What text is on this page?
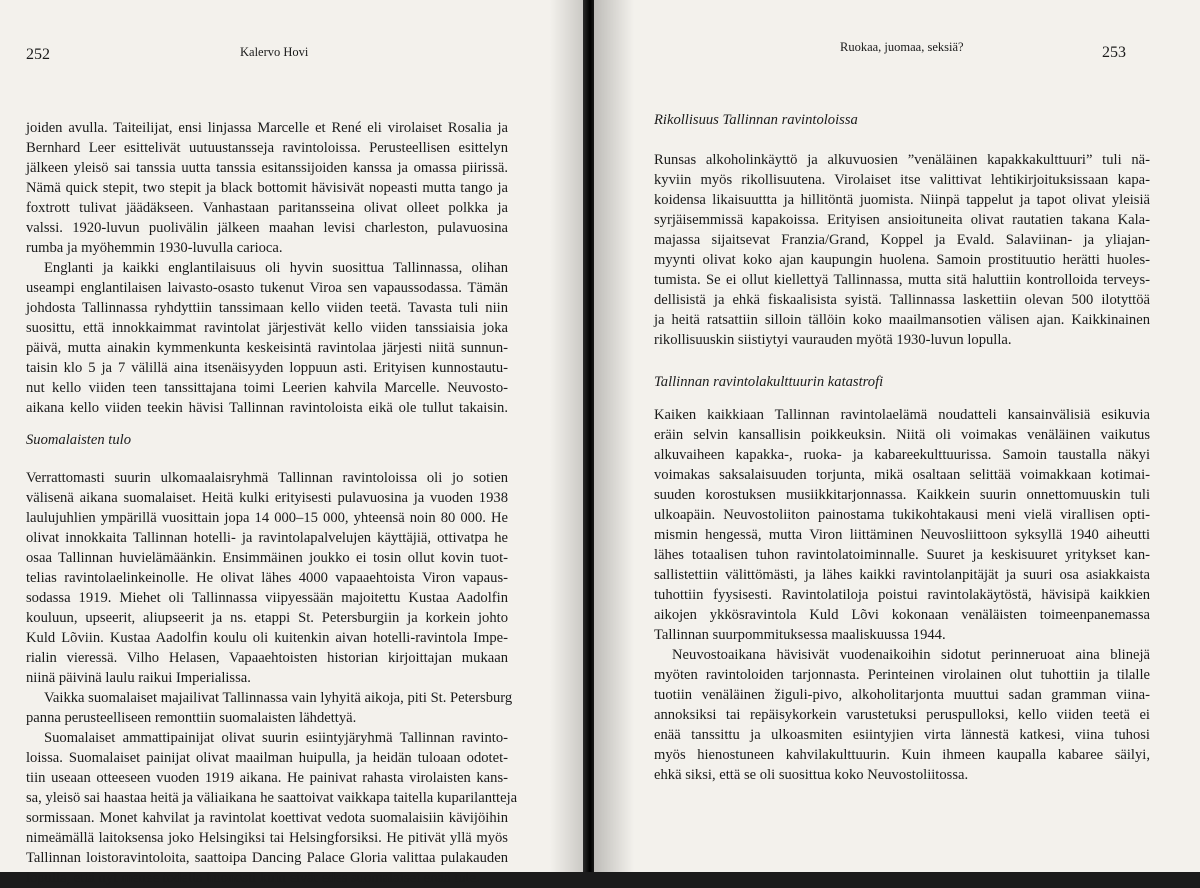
252	Kalervo Hovi
joiden avulla. Taiteilijat, ensi linjassa Marcelle et René eli virolaiset Rosalia ja
Bernhard Leer esittelivät uutuustansseja ravintoloissa. Perusteellisen esittelyn
jälkeen yleisö sai tanssia uutta tanssia esitanssijoiden kanssa ja omassa piirissä.
Nämä quick stepit, two stepit ja black bottomit hävisivät nopeasti mutta tango ja
foxtrott tulivat jäädäkseen. Vanhastaan paritansseina olivat olleet polkka ja
valssi. 1920-luvun puolivälin jälkeen maahan levisi charleston, pulavuosina
rumba ja myöhemmin 1930-luvulla carioca.
Englanti ja kaikki englantilaisuus oli hyvin suosittua Tallinnassa, olihan
useampi englantilaisen laivasto-osasto tukenut Viroa sen vapaussodassa. Tämän
johdosta Tallinnassa ryhdyttiin tanssimaan kello viiden teetä. Tavasta tuli niin
suosittu, että innokkaimmat ravintolat järjestivät kello viiden tanssiaisia joka
päivä, mutta ainakin kymmenkunta keskeisintä ravintolaa järjesti niitä sunnun-
taisin klo 5 ja 7 välillä aina itsenäisyyden loppuun asti. Erityisen kunnostautu-
nut kello viiden teen tanssittajana toimi Leerien kahvila Marcelle. Neuvosto-
aikana kello viiden teekin hävisi Tallinnan ravintoloista eikä ole tullut takaisin.
Suomalaisten tulo
Verrattomasti suurin ulkomaalaisryhmä Tallinnan ravintoloissa oli jo sotien
välisenä aikana suomalaiset. Heitä kulki erityisesti pulavuosina ja vuoden 1938
laulujuhlien ympärillä vuosittain jopa 14 000–15 000, yhteensä noin 80 000. He
olivat innokkaita Tallinnan hotelli- ja ravintolapalvelujen käyttäjiä, ottivatpa he
osaa Tallinnan huvielämäänkin. Ensimmäinen joukko ei tosin ollut kovin tuot-
telias ravintolaelinkeinolle. He olivat lähes 4000 vapaaehtoista Viron vapaus-
sodassa 1919. Miehet oli Tallinnassa viipyessään majoitettu Kustaa Aadolfin
kouluun, upseerit, aliupseerit ja ns. etappi St. Petersburgiin ja korkein johto
Kuld Lõviin. Kustaa Aadolfin koulu oli kuitenkin aivan hotelli-ravintola Impe-
rialin vieressä. Vilho Helasen, Vapaaehtoisten historian kirjoittajan mukaan
niinä päivinä laulu raikui Imperialissa.
Vaikka suomalaiset majailivat Tallinnassa vain lyhyitä aikoja, piti St. Petersburg
panna perusteelliseen remonttiin suomalaisten lähdettyä.
Suomalaiset ammattipainijat olivat suurin esiintyjäryhmä Tallinnan ravinto-
loissa. Suomalaiset painijat olivat maailman huipulla, ja heidän tuloaan odotet-
tiin useaan otteeseen vuoden 1919 aikana. He painivat rahasta virolaisten kans-
sa, yleisö sai haastaa heitä ja väliaikana he saattoivat vaikkapa taitella kuparilantteja
sormissaan. Monet kahvilat ja ravintolat koettivat vedota suomalaisiin kävijöihin
nimeämällä laitoksensa joko Helsingiksi tai Helsingforsiksi. He pitivät yllä myös
Tallinnan loistoravintoloita, saattoipa Dancing Palace Gloria valittaa pulakauden
lopulla, että nyt menee todella huonosti kuin eivät edes suomalaiset enää tule.
Ruokaa, juomaa, seksiä?	253
Rikollisuus Tallinnan ravintoloissa
Runsas alkoholinkäyttö ja alkuvuosien ”venäläinen kapakkakulttuuri” tuli nä-
kyviin myös rikollisuutena. Virolaiset itse valittivat lehtikirjoituksissaan kapa-
koidensa likaisuuttta ja hillitöntä juomista. Niinpä tappelut ja tapot olivat yleisiä
syrjäisemmissä kapakoissa. Erityisen ansioituneita olivat rautatien takana Kala-
majassa sijaitsevat Franzia/Grand, Koppel ja Evald. Salaviinan- ja yliajan-
myynti olivat koko ajan kaupungin huolena. Samoin prostituutio herätti huoles-
tumista. Se ei ollut kiellettyä Tallinnassa, mutta sitä haluttiin kontrolloida terveys-
dellisistä ja ehkä fiskaalisista syistä. Tallinnassa laskettiin olevan 500 ilotyttöä
ja heitä ratsattiin silloin tällöin koko maailmansotien välisen ajan. Kaikkinainen
rikollisuuskin siistiytyi vaurauden myötä 1930-luvun lopulla.
Tallinnan ravintolakulttuurin katastrofi
Kaiken kaikkiaan Tallinnan ravintolaelämä noudatteli kansainvälisiä esikuvia
eräin selvin kansallisin poikkeuksin. Niitä oli voimakas venäläinen vaikutus
alkuvaiheen kapakka-, ruoka- ja kabareekulttuurissa. Samoin taustalla näkyi
voimakas saksalaisuuden torjunta, mikä osaltaan selittää voimakkaan kotimai-
suuden korostuksen musiikkitarjonnassa. Kaikkein suurin onnettomuuskin tuli
ulkoapäin. Neuvostoliiton painostama tukikohtakausi meni vielä virallisen opti-
mismin hengessä, mutta Viron liittäminen Neuvosliittoon syksyllä 1940 aiheutti
lähes totaalisen tuhon ravintolatoiminnalle. Suuret ja keskisuuret yritykset kan-
sallistettiin välittömästi, ja lähes kaikki ravintolanpitäjät ja suuri osa asiakkaista
tuhottiin fyysisesti. Ravintolatiloja poistui ravintolakäytöstä, hävisipä kaikkien
aikojen ykkösravintola Kuld Lõvi kokonaan venäläisten toimeenpanemassa
Tallinnan suurpommituksessa maaliskuussa 1944.
Neuvostoaikana hävisivät vuodenaikoihin sidotut perinneruoat aina blinejä
myöten ravintoloiden tarjonnasta. Perinteinen virolainen olut tuhottiin ja tilalle
tuotiin venäläinen žiguli-pivo, alkoholitarjonta muuttui sadan gramman viina-
annoksiksi tai repäisykorkein varustetuksi peruspulloksi, kello viiden teetä ei
enää tanssittu ja ulkoasmiten esiintyjien virta lännestä katkesi, viina tuhosi
myös hienostuneen kahvilakulttuurin. Kuin ihmeen kaupalla kabaree säilyi,
ehkä siksi, että se oli suosittua koko Neuvostoliitossa.
